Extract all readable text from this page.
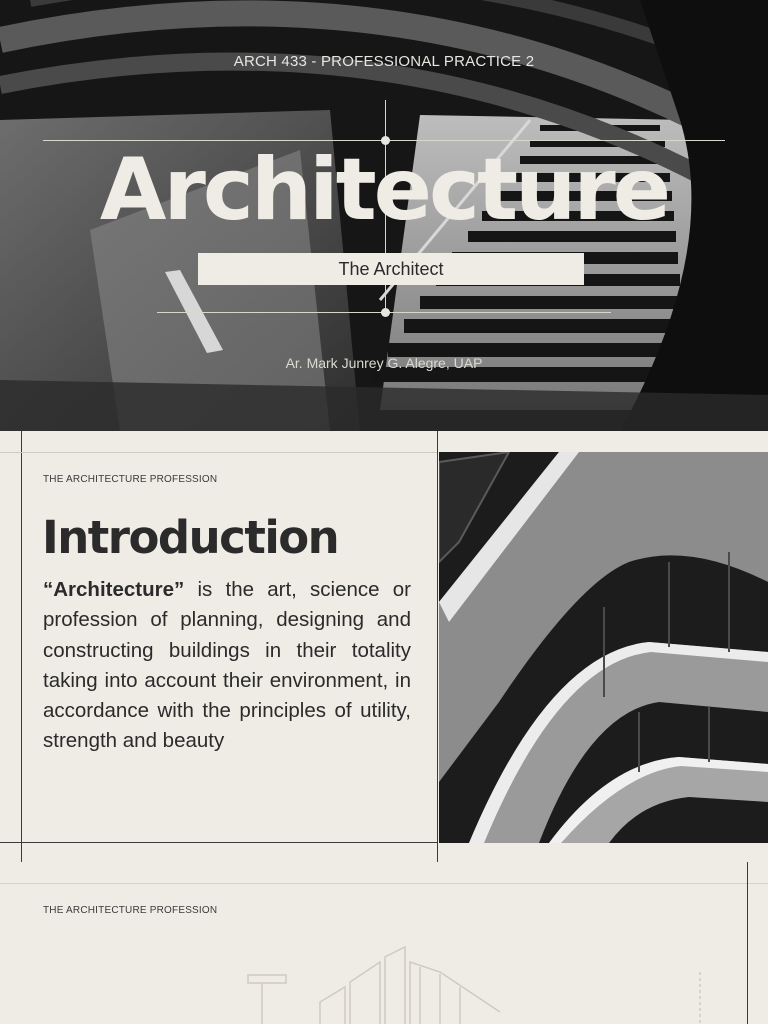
ARCH 433 - PROFESSIONAL PRACTICE 2
Architecture
The Architect
Ar. Mark Junrey G. Alegre, UAP
THE ARCHITECTURE PROFESSION
Introduction

“Architecture” is the art, science or profession of planning, designing and constructing buildings in their totality taking into account their environment, in accordance with the principles of utility, strength and beauty

THE ARCHITECTURE PROFESSION
